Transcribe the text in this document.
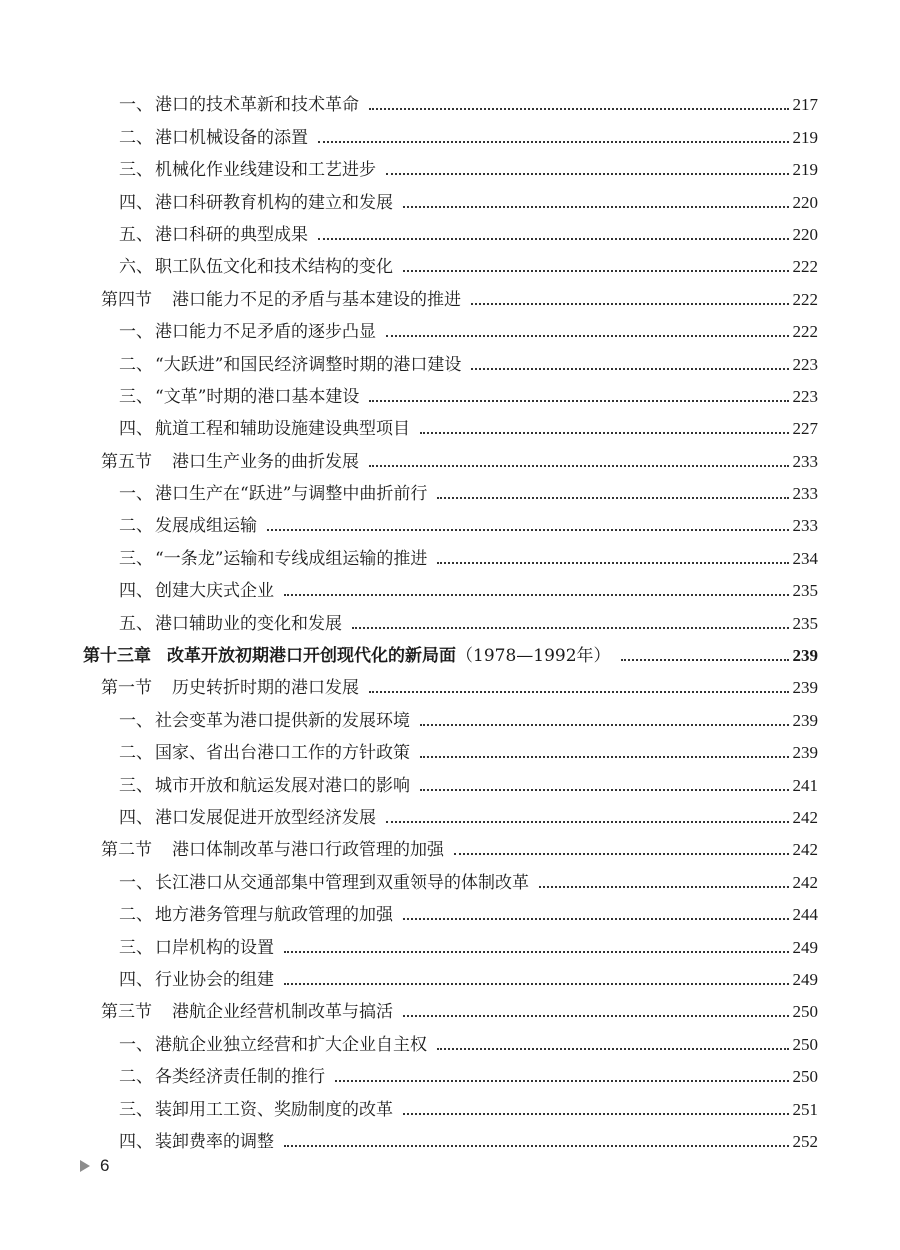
一、 港口的技术革新和技术革命	217
二、 港口机械设备的添置	219
三、 机械化作业线建设和工艺进步	219
四、 港口科研教育机构的建立和发展	220
五、 港口科研的典型成果	220
六、 职工队伍文化和技术结构的变化	222
第四节 港口能力不足的矛盾与基本建设的推进	222
一、 港口能力不足矛盾的逐步凸显	222
二、 “大跃进”和国民经济调整时期的港口建设	223
三、 “文革”时期的港口基本建设	223
四、 航道工程和辅助设施建设典型项目	227
第五节 港口生产业务的曲折发展	233
一、 港口生产在“跃进”与调整中曲折前行	233
二、 发展成组运输	233
三、 “一条龙”运输和专线成组运输的推进	234
四、 创建大庆式企业	235
五、 港口辅助业的变化和发展	235
第十三章 改革开放初期港口开创现代化的新局面 （1978—1992年）	239
第一节 历史转折时期的港口发展	239
一、 社会变革为港口提供新的发展环境	239
二、 国家、省出台港口工作的方针政策	239
三、 城市开放和航运发展对港口的影响	241
四、 港口发展促进开放型经济发展	242
第二节 港口体制改革与港口行政管理的加强	242
一、 长江港口从交通部集中管理到双重领导的体制改革	242
二、 地方港务管理与航政管理的加强	244
三、 口岸机构的设置	249
四、 行业协会的组建	249
第三节 港航企业经营机制改革与搞活	250
一、 港航企业独立经营和扩大企业自主权	250
二、 各类经济责任制的推行	250
三、 装卸用工工资、奖励制度的改革	251
四、 装卸费率的调整	252
6
